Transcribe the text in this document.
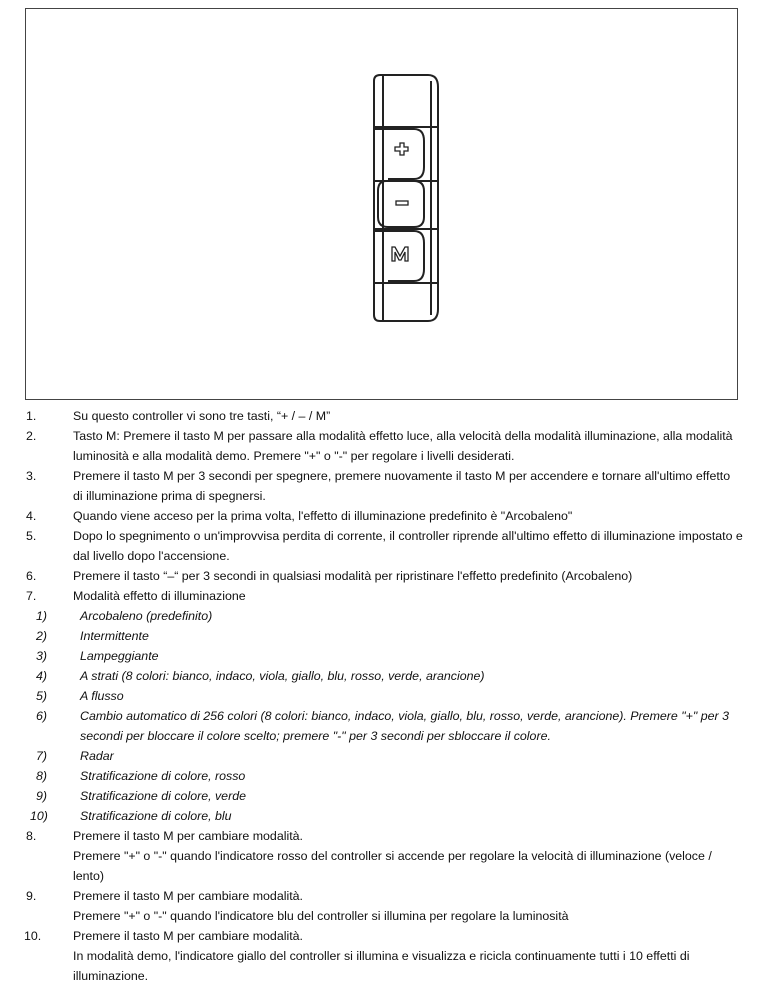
1.	Su questo controller vi sono tre tasti, “+ / – / M”
2.	Tasto M: Premere il tasto M per passare alla modalità effetto luce, alla velocità della modalità illuminazione, alla modalità luminosità e alla modalità demo. Premere "+" o "-" per regolare i livelli desiderati.
3.	Premere il tasto M per 3 secondi per spegnere, premere nuovamente il tasto M per accendere e tornare all'ultimo effetto di illuminazione prima di spegnersi.
4.	Quando viene acceso per la prima volta, l'effetto di illuminazione predefinito è "Arcobaleno"
5.	Dopo lo spegnimento o un'improvvisa perdita di corrente, il controller riprende all'ultimo effetto di illuminazione impostato e dal livello dopo l'accensione.
6.	Premere il tasto “–“ per 3 secondi in qualsiasi modalità per ripristinare l'effetto predefinito (Arcobaleno)
7.	Modalità effetto di illuminazione
1)	Arcobaleno (predefinito)
2)	Intermittente
3)	Lampeggiante
4)	A strati (8 colori: bianco, indaco, viola, giallo, blu, rosso, verde, arancione)
5)	A flusso
6)	Cambio automatico di 256 colori (8 colori: bianco, indaco, viola, giallo, blu, rosso, verde, arancione). Premere "+" per 3 secondi per bloccare il colore scelto; premere "-" per 3 secondi per sbloccare il colore.
7)	Radar
8)	Stratificazione di colore, rosso
9)	Stratificazione di colore, verde
10)	Stratificazione di colore, blu
8.	Premere il tasto M per cambiare modalità.
Premere "+" o "-" quando l'indicatore rosso del controller si accende per regolare la velocità di illuminazione (veloce / lento)
9.	Premere il tasto M per cambiare modalità.
Premere "+" o "-" quando l'indicatore blu del controller si illumina per regolare la luminosità
10.	Premere il tasto M per cambiare modalità.
In modalità demo, l'indicatore giallo del controller si illumina e visualizza e ricicla continuamente tutti i 10 effetti di illuminazione.
